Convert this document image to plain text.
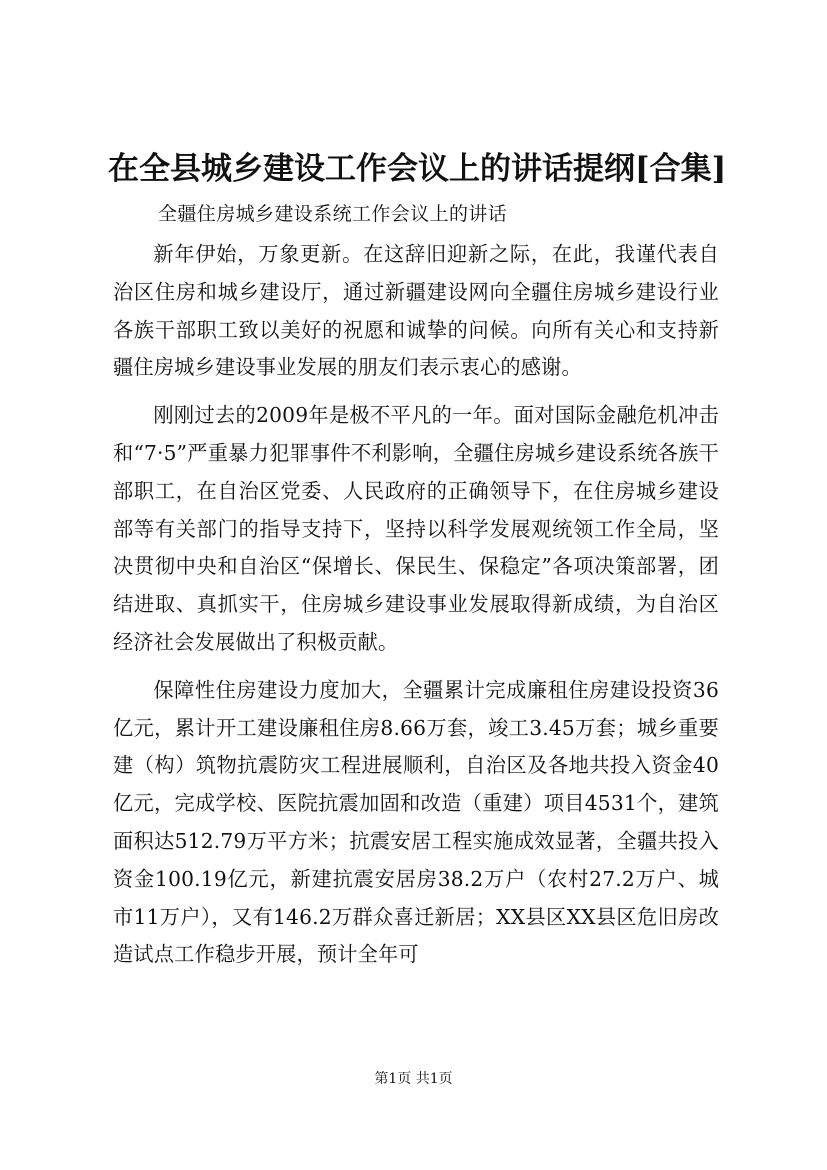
在全县城乡建设工作会议上的讲话提纲[合集]
全疆住房城乡建设系统工作会议上的讲话

新年伊始，万象更新。在这辞旧迎新之际，在此，我谨代表自治区住房和城乡建设厅，通过新疆建设网向全疆住房城乡建设行业各族干部职工致以美好的祝愿和诚挚的问候。向所有关心和支持新疆住房城乡建设事业发展的朋友们表示衷心的感谢。

刚刚过去的2009年是极不平凡的一年。面对国际金融危机冲击和“7·5”严重暴力犯罪事件不利影响，全疆住房城乡建设系统各族干部职工，在自治区党委、人民政府的正确领导下，在住房城乡建设部等有关部门的指导支持下，坚持以科学发展观统领工作全局，坚决贯彻中央和自治区“保增长、保民生、保稳定”各项决策部署，团结进取、真抓实干，住房城乡建设事业发展取得新成绩，为自治区经济社会发展做出了积极贡献。

保障性住房建设力度加大，全疆累计完成廉租住房建设投资36亿元，累计开工建设廉租住房8.66万套，竣工3.45万套；城乡重要建（构）筑物抗震防灾工程进展顺利，自治区及各地共投入资金40亿元，完成学校、医院抗震加固和改造（重建）项目4531个，建筑面积达512.79万平方米；抗震安居工程实施成效显著，全疆共投入资金100.19亿元，新建抗震安居房38.2万户（农村27.2万户、城市11万户），又有146.2万群众喜迁新居；XX县区XX县区危旧房改造试点工作稳步开展，预计全年可

第1页 共1页
